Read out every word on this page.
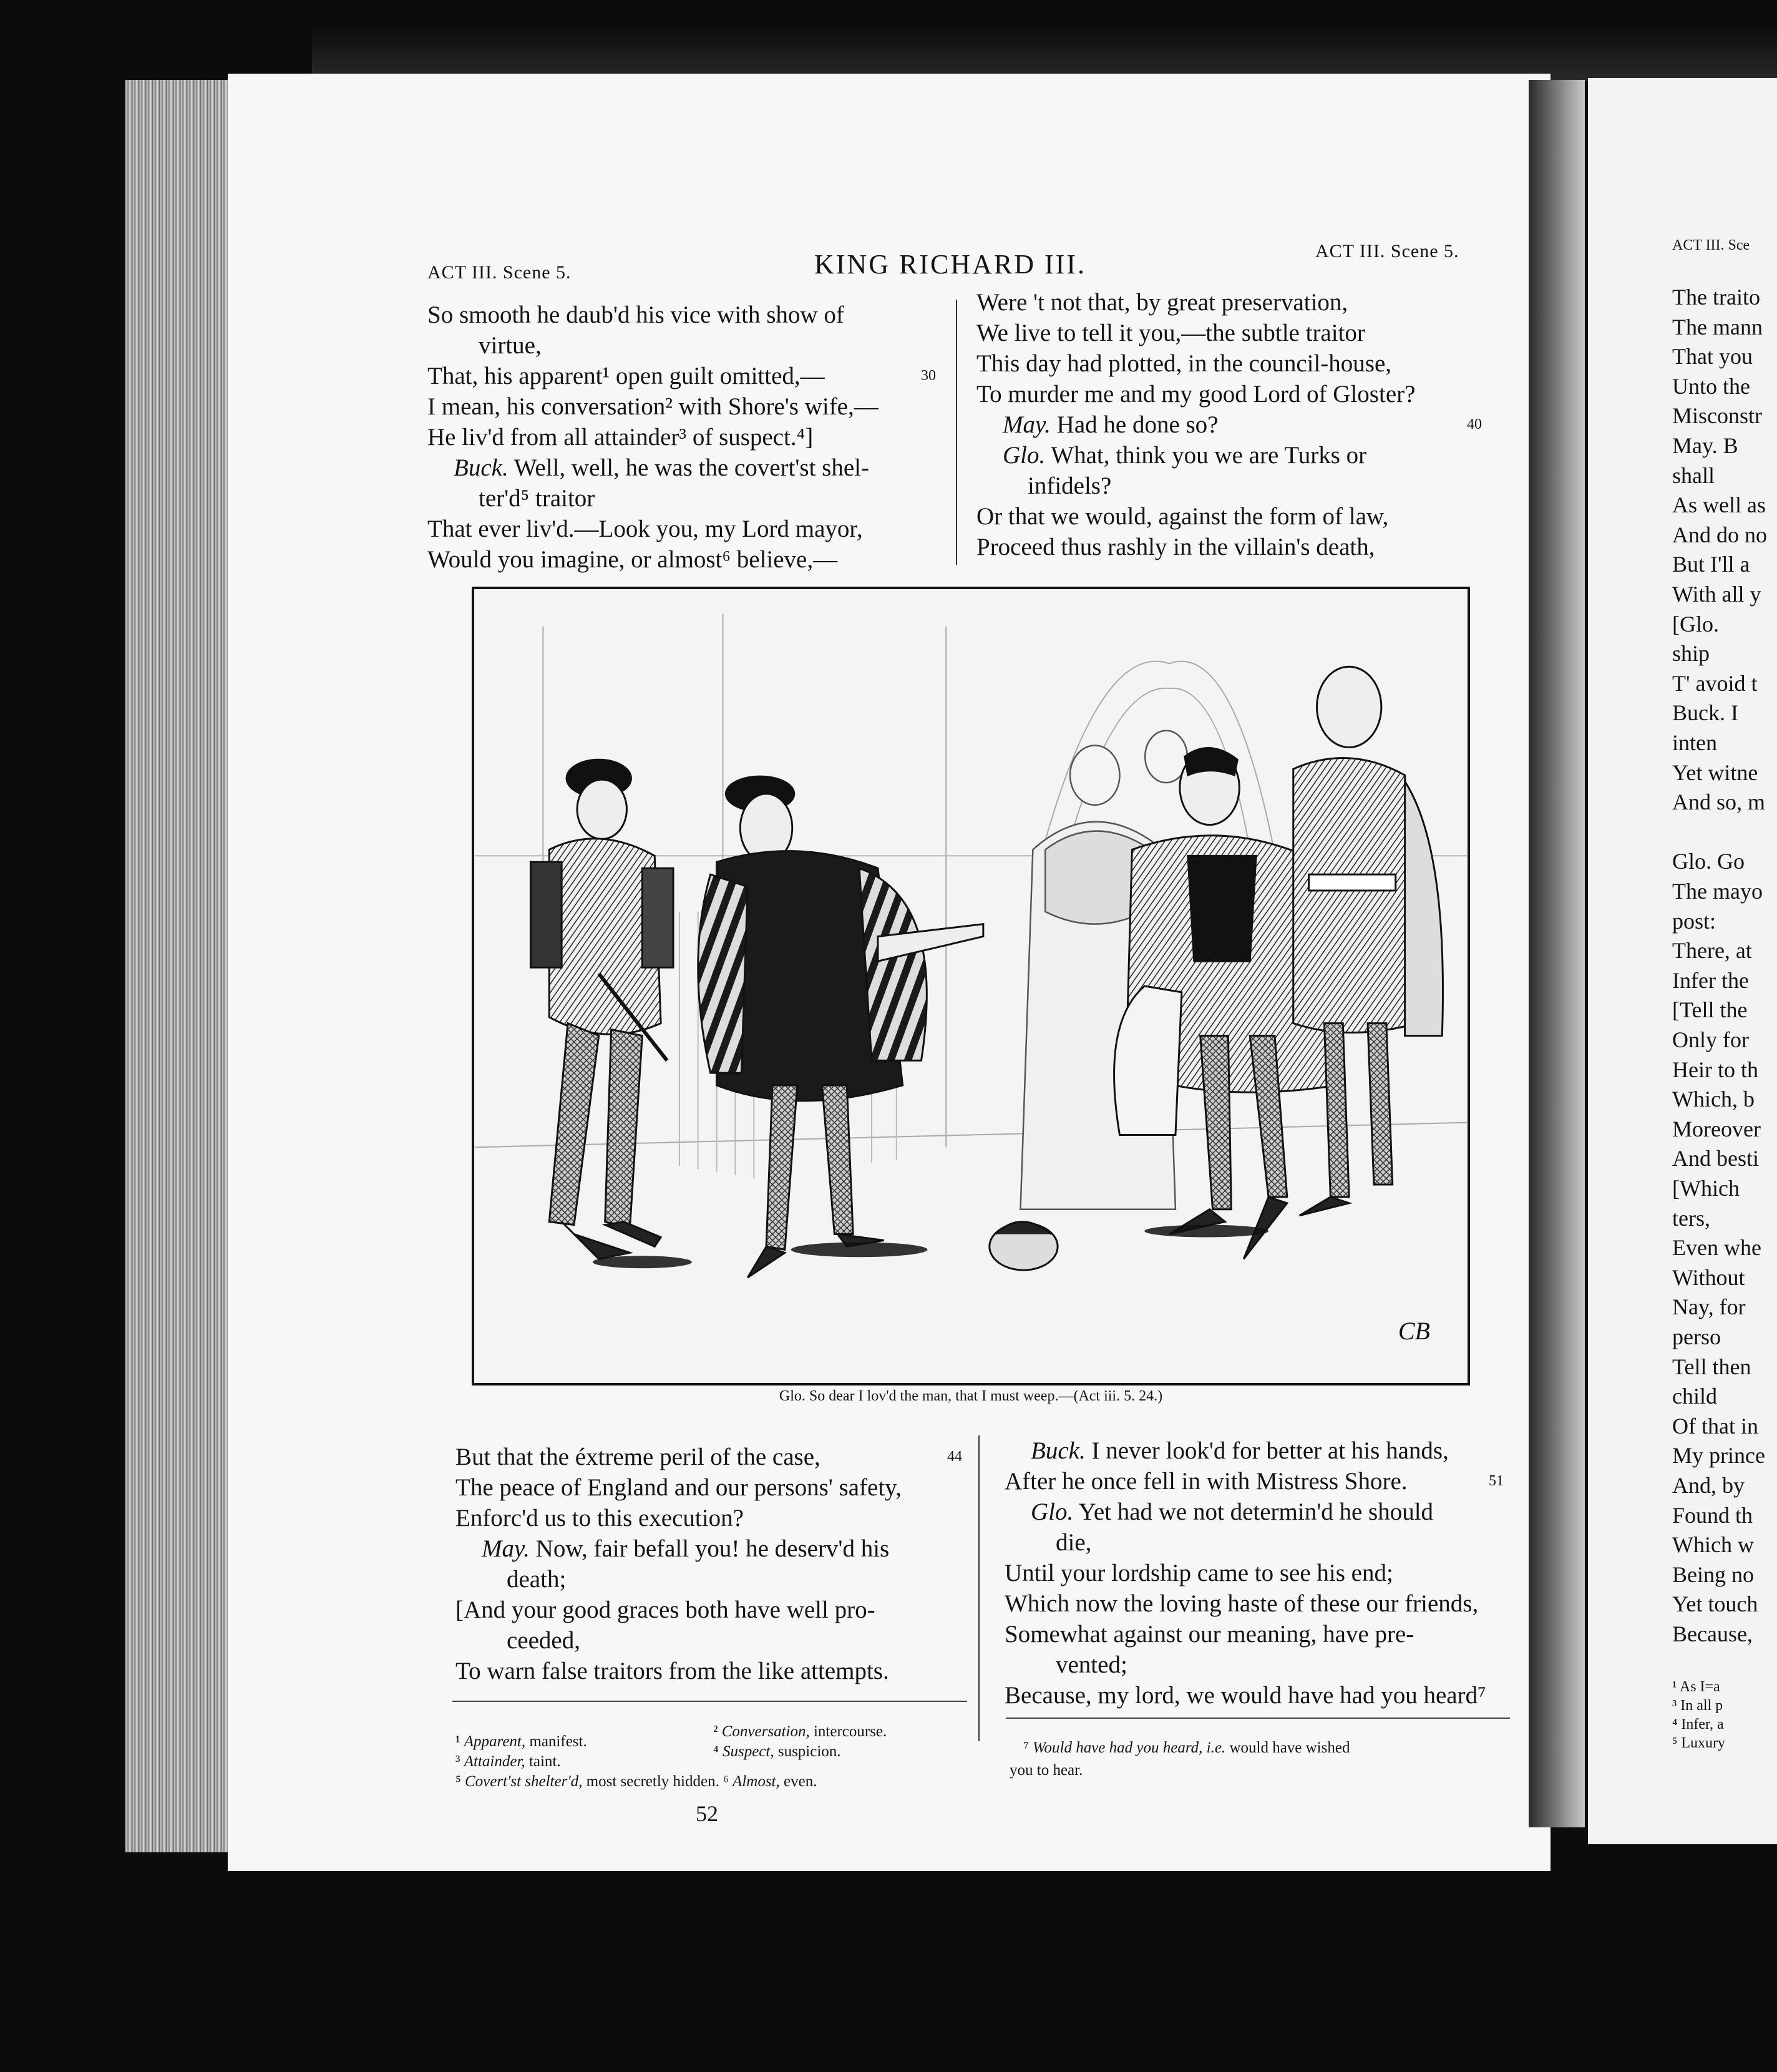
ACT III. Scene 5.	KING RICHARD III.	ACT III. Scene 5.
So smooth he daub'd his vice with show of
virtue,
That, his apparent¹ open guilt omitted,—	30
I mean, his conversation² with Shore's wife,—
He liv'd from all attainder³ of suspect.⁴]
Buck. Well, well, he was the covert'st shel-
ter'd⁵ traitor
That ever liv'd.—Look you, my Lord mayor,
Would you imagine, or almost⁶ believe,—
Were 't not that, by great preservation,
We live to tell it you,—the subtle traitor
This day had plotted, in the council-house,
To murder me and my good Lord of Gloster?
May. Had he done so?	40
Glo. What, think you we are Turks or
infidels?
Or that we would, against the form of law,
Proceed thus rashly in the villain's death,
CB
Glo. So dear I lov'd the man, that I must weep.—(Act iii. 5. 24.)
But that the éxtreme peril of the case,	44
The peace of England and our persons' safety,
Enforc'd us to this execution?
May. Now, fair befall you! he deserv'd his
death;
[And your good graces both have well pro-
ceeded,
To warn false traitors from the like attempts.
Buck. I never look'd for better at his hands,
After he once fell in with Mistress Shore.	51
Glo. Yet had we not determin'd he should
die,
Until your lordship came to see his end;
Which now the loving haste of these our friends,
Somewhat against our meaning, have pre-
vented;
Because, my lord, we would have had you heard⁷
¹ Apparent, manifest.
² Conversation, intercourse.
³ Attainder, taint.
⁴ Suspect, suspicion.
⁵ Covert'st shelter'd, most secretly hidden. ⁶ Almost, even.
⁷ Would have had you heard, i.e. would have wished
you to hear.
52
ACT III. Sce
The traito
The mann
That you
Unto the
Misconstr
May. B
shall
As well as
And do no
But I'll a
With all y
[Glo.
ship
T' avoid t
Buck. I
inten
Yet witne
And so, m
Glo. Go
The mayo
post:
There, at
Infer the
[Tell the
Only for
Heir to th
Which, b
Moreover
And besti
[Which
ters,
Even whe
Without
Nay, for
perso
Tell then
child
Of that in
My prince
And, by
Found th
Which w
Being no
Yet touch
Because,
¹ As I=a
³ In all p
⁴ Infer, a
⁵ Luxury
